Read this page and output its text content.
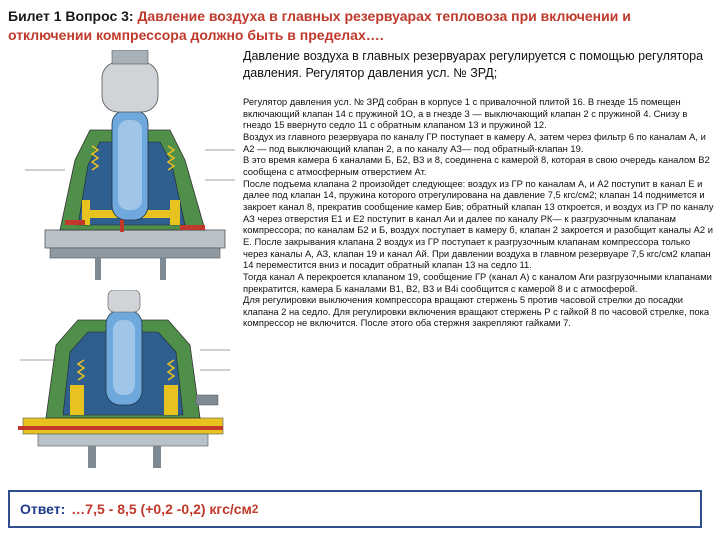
Билет 1 Вопрос 3: Давление воздуха в главных резервуарах тепловоза при включении и
отключении компрессора должно быть в пределах….
Давление воздуха в главных резервуарах регулируется с помощью регулятора давления. Регулятор давления усл. № ЗРД;

Регулятор давления усл. № ЗРД собран в корпусе 1 с привалочной плитой 16. В гнезде 15 помещен включающий клапан 14 с пружиной 1О, а в гнезде 3 — выключающий клапан 2 с пружиной 4. Снизу в гнездо 15 ввернуто седло 11 с обратным клапаном 13 и пружиной 12.

Воздух из главного резервуара по каналу ГР поступает в камеру А, затем через фильтр 6 по каналам А, и А2 — под выключающий клапан 2, а по каналу АЗ— под обратный-клапан 19.

В это время камера 6 каналами Б, Б2, В3 и 8, соединена с камерой 8, которая в свою очередь каналом В2 сообщена с атмосферным отверстием Ат.

После подъема клапана 2 произойдет следующее: воздух из ГР по каналам А, и А2 поступит в канал Е и далее под клапан 14, пружина которого отрегулирована на давление 7,5 кгс/см2; клапан 14 поднимется и закроет канал 8, прекратив сообщение камер Бив; обратный клапан 13 откроется, и воздух из ГР по каналу АЗ через отверстия Е1 и Е2 поступит в канал Аи и далее по каналу РК— к разгрузочным клапанам компрессора; по каналам Б2 и Б, воздух поступает в камеру б, клапан 2 закроется и разобщит каналы А2 и Е. После закрывания клапана 2 воздух из ГР поступает к разгрузочным клапанам компрессора только через каналы А, АЗ, клапан 19 и канал Ай. При давлении воздуха в главном резервуаре 7,5 кгс/см2 клапан 14 переместится вниз и посадит обратный клапан 13 на седло 11.

Тогда канал А перекроется клапаном 19, сообщение ГР (канал А) с каналом Аги разгрузочными клапанами прекратится, камера Б каналами В1, В2, В3 и В4і сообщится с камерой 8 и с атмосферой.

Для регулировки выключения компрессора вращают стержень 5 против часовой стрелки до посадки клапана 2 на седло. Для регулировки включения вращают стержень Р с гайкой 8 по часовой стрелке, пока компрессор не включится. После этого оба стержня закрепляют гайками 7.

Ответ: …7,5 - 8,5 (+0,2 -0,2) кгс/см 2
